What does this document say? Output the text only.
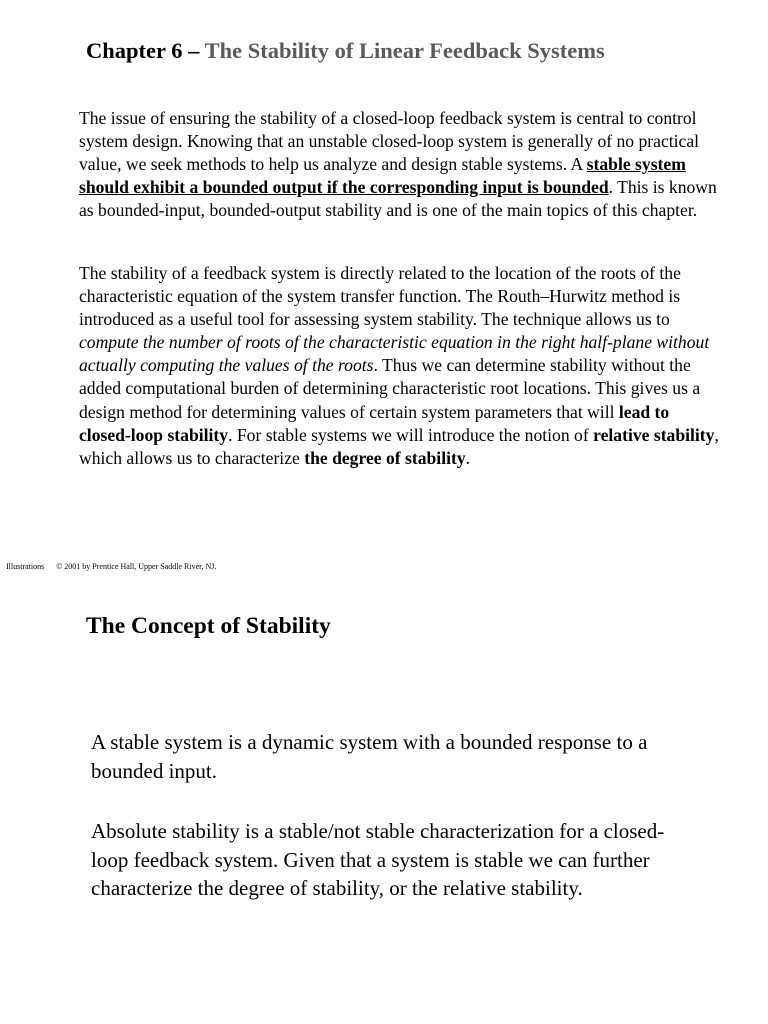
Chapter 6 – The Stability of Linear Feedback Systems

The issue of ensuring the stability of a closed-loop feedback system is central to control system design. Knowing that an unstable closed-loop system is generally of no practical value, we seek methods to help us analyze and design stable systems. A stable system should exhibit a bounded output if the corresponding input is bounded. This is known as bounded-input, bounded-output stability and is one of the main topics of this chapter.

The stability of a feedback system is directly related to the location of the roots of the characteristic equation of the system transfer function. The Routh–Hurwitz method is introduced as a useful tool for assessing system stability. The technique allows us to compute the number of roots of the characteristic equation in the right half-plane without actually computing the values of the roots. Thus we can determine stability without the added computational burden of determining characteristic root locations. This gives us a design method for determining values of certain system parameters that will lead to closed-loop stability. For stable systems we will introduce the notion of relative stability, which allows us to characterize the degree of stability.

Illustrations © 2001 by Prentice Hall, Upper Saddle River, NJ.
The Concept of Stability

A stable system is a dynamic system with a bounded response to a bounded input.

Absolute stability is a stable/not stable characterization for a closed-loop feedback system. Given that a system is stable we can further characterize the degree of stability, or the relative stability.
